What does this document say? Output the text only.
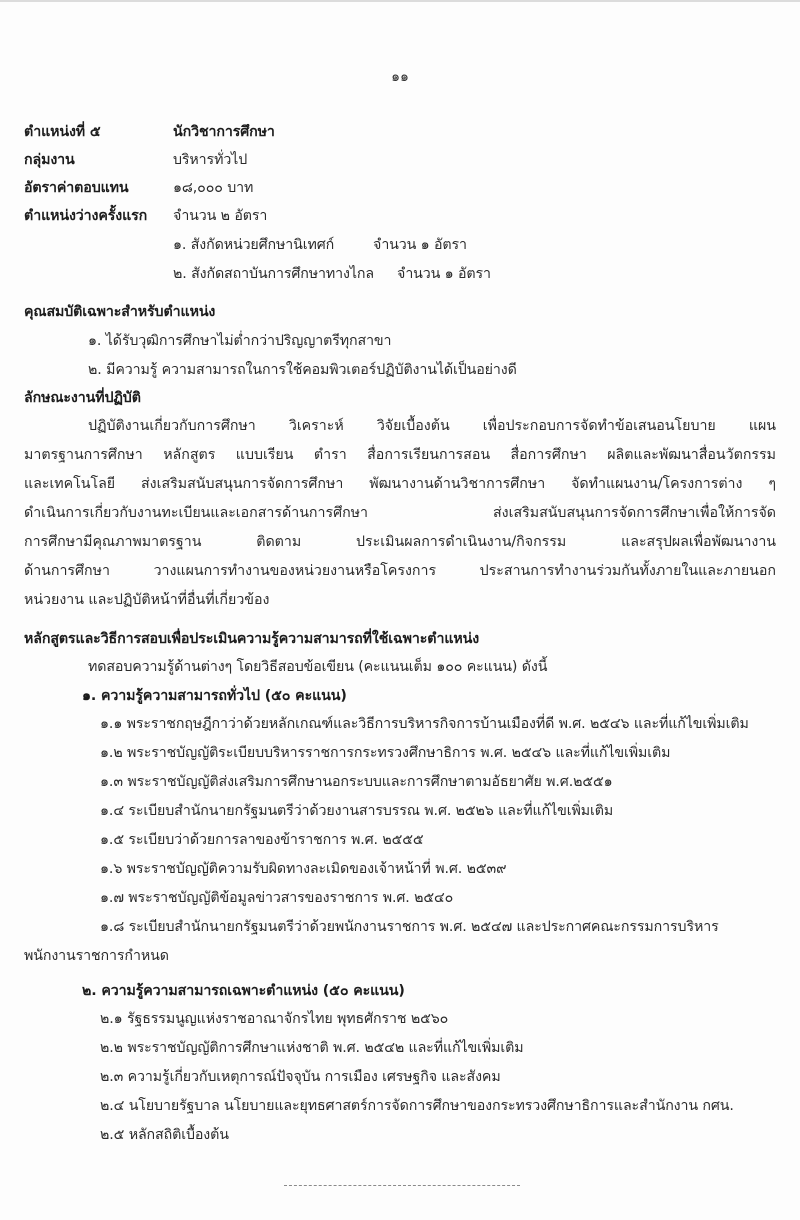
๑๑
ตำแหน่งที่ ๕	นักวิชาการศึกษา
กลุ่มงาน	บริหารทั่วไป
อัตราค่าตอบแทน	๑๘,๐๐๐ บาท
ตำแหน่งว่างครั้งแรก จำนวน ๒ อัตรา
๑. สังกัดหน่วยศึกษานิเทศก์	จำนวน ๑ อัตรา
๒. สังกัดสถาบันการศึกษาทางไกล จำนวน ๑ อัตรา
คุณสมบัติเฉพาะสำหรับตำแหน่ง
๑. ได้รับวุฒิการศึกษาไม่ต่ำกว่าปริญญาตรีทุกสาขา
๒. มีความรู้ ความสามารถในการใช้คอมพิวเตอร์ปฏิบัติงานได้เป็นอย่างดี
ลักษณะงานที่ปฏิบัติ
ปฏิบัติงานเกี่ยวกับการศึกษา วิเคราะห์ วิจัยเบื้องต้น เพื่อประกอบการจัดทำข้อเสนอนโยบาย แผน
มาตรฐานการศึกษา หลักสูตร แบบเรียน ตำรา สื่อการเรียนการสอน สื่อการศึกษา ผลิตและพัฒนาสื่อนวัตกรรม
และเทคโนโลยี ส่งเสริมสนับสนุนการจัดการศึกษา พัฒนางานด้านวิชาการศึกษา จัดทำแผนงาน/โครงการต่าง ๆ
ดำเนินการเกี่ยวกับงานทะเบียนและเอกสารด้านการศึกษา ส่งเสริมสนับสนุนการจัดการศึกษาเพื่อให้การจัด
การศึกษามีคุณภาพมาตรฐาน ติดตาม ประเมินผลการดำเนินงาน/กิจกรรม และสรุปผลเพื่อพัฒนางาน
ด้านการศึกษา วางแผนการทำงานของหน่วยงานหรือโครงการ ประสานการทำงานร่วมกันทั้งภายในและภายนอก
หน่วยงาน และปฏิบัติหน้าที่อื่นที่เกี่ยวข้อง
หลักสูตรและวิธีการสอบเพื่อประเมินความรู้ความสามารถที่ใช้เฉพาะตำแหน่ง
ทดสอบความรู้ด้านต่างๆ โดยวิธีสอบข้อเขียน (คะแนนเต็ม ๑๐๐ คะแนน) ดังนี้
๑. ความรู้ความสามารถทั่วไป (๕๐ คะแนน)
๑.๑ พระราชกฤษฎีกาว่าด้วยหลักเกณฑ์และวิธีการบริหารกิจการบ้านเมืองที่ดี พ.ศ. ๒๕๔๖ และที่แก้ไขเพิ่มเติม
๑.๒ พระราชบัญญัติระเบียบบริหารราชการกระทรวงศึกษาธิการ พ.ศ. ๒๕๔๖ และที่แก้ไขเพิ่มเติม
๑.๓ พระราชบัญญัติส่งเสริมการศึกษานอกระบบและการศึกษาตามอัธยาศัย พ.ศ.๒๕๕๑
๑.๔ ระเบียบสำนักนายกรัฐมนตรีว่าด้วยงานสารบรรณ พ.ศ. ๒๕๒๖ และที่แก้ไขเพิ่มเติม
๑.๕ ระเบียบว่าด้วยการลาของข้าราชการ พ.ศ. ๒๕๕๕
๑.๖ พระราชบัญญัติความรับผิดทางละเมิดของเจ้าหน้าที่ พ.ศ. ๒๕๓๙
๑.๗ พระราชบัญญัติข้อมูลข่าวสารของราชการ พ.ศ. ๒๕๔๐
๑.๘ ระเบียบสำนักนายกรัฐมนตรีว่าด้วยพนักงานราชการ พ.ศ. ๒๕๔๗ และประกาศคณะกรรมการบริหาร
พนักงานราชการกำหนด
๒. ความรู้ความสามารถเฉพาะตำแหน่ง (๕๐ คะแนน)
๒.๑ รัฐธรรมนูญแห่งราชอาณาจักรไทย พุทธศักราช ๒๕๖๐
๒.๒ พระราชบัญญัติการศึกษาแห่งชาติ พ.ศ. ๒๕๔๒ และที่แก้ไขเพิ่มเติม
๒.๓ ความรู้เกี่ยวกับเหตุการณ์ปัจจุบัน การเมือง เศรษฐกิจ และสังคม
๒.๔ นโยบายรัฐบาล นโยบายและยุทธศาสตร์การจัดการศึกษาของกระทรวงศึกษาธิการและสำนักงาน กศน.
๒.๕ หลักสถิติเบื้องต้น
